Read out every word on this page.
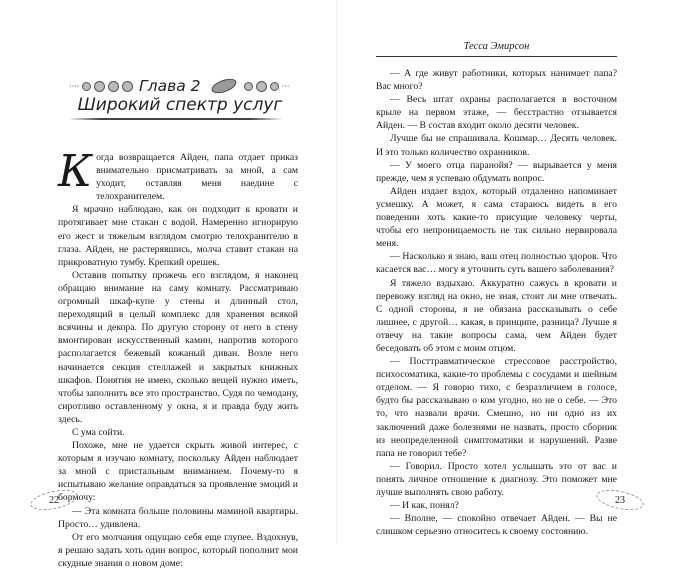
····	Глава 2	···
Широкий спектр услуг

Когда возвращается Айден, папа отдает приказ внимательно присматривать за мной, а сам уходит, оставляя меня наедине с телохранителем.

Я мрачно наблюдаю, как он подходит к кровати и протягивает мне стакан с водой. Намеренно игнорирую его жест и тяжелым взглядом смотрю телохранителю в глаза. Айден, не растерявшись, молча ставит стакан на прикроватную тумбу. Крепкий орешек.

Оставив попытку прожечь его взглядом, я наконец обращаю внимание на саму комнату. Рассматриваю огромный шкаф-купе у стены и длинный стол, переходящий в целый комплекс для хранения всякой всячины и декора. По другую сторону от него в стену вмонтирован искусственный камин, напротив которого располагается бежевый кожаный диван. Возле него начинается секция стеллажей и закрытых книжных шкафов. Понятия не имею, сколько вещей нужно иметь, чтобы заполнить все это пространство. Судя по чемодану, сиротливо оставленному у окна, я и правда буду жить здесь.

С ума сойти.

Похоже, мне не удается скрыть живой интерес, с которым я изучаю комнату, поскольку Айден наблюдает за мной с пристальным вниманием. Почему-то я испытываю желание оправдаться за проявление эмоций и бормочу:

— Эта комната больше половины маминой квартиры. Просто… удивлена.

От его молчания ощущаю себя еще глупее. Вздохнув, я решаю задать хоть один вопрос, который пополнит мои скудные знания о новом доме:

22
Тесса Эмирсон

— А где живут работники, которых нанимает папа? Вас много?

— Весь штат охраны располагается в восточном крыле на первом этаже, — бесстрастно отзывается Айден. — В состав входит около десяти человек.

Лучше бы не спрашивала. Кошмар… Десять человек. И это только количество охранников.

— У моего отца паранойя? — вырывается у меня прежде, чем я успеваю обдумать вопрос.

Айден издает вздох, который отдаленно напоминает усмешку. А может, я сама стараюсь видеть в его поведении хоть какие-то присущие человеку черты, чтобы его непроницаемость не так сильно нервировала меня.

— Насколько я знаю, ваш отец полностью здоров. Что касается вас… могу я уточнить суть вашего заболевания?

Я тяжело вздыхаю. Аккуратно сажусь в кровати и перевожу взгляд на окно, не зная, стоит ли мне отвечать. С одной стороны, я не обязана рассказывать о себе лишнее, с другой… какая, в принципе, разница? Лучше я отвечу на такие вопросы сама, чем Айден будет беседовать об этом с моим отцом.

— Посттравматическое стрессовое расстройство, психосоматика, какие-то проблемы с сосудами и шейным отделом. — Я говорю тихо, с безразличием в голосе, будто бы рассказываю о ком угодно, но не о себе. — Это то, что назвали врачи. Смешно, но ни одно из их заключений даже болезнями не назвать, просто сборник из неопределенной симптоматики и нарушений. Разве папа не говорил тебе?

— Говорил. Просто хотел услышать это от вас и понять личное отношение к диагнозу. Это поможет мне лучше выполнять свою работу.

— И как, понял?

— Вполне, — спокойно отвечает Айден. — Вы не слишком серьезно относитесь к своему состоянию.

23
